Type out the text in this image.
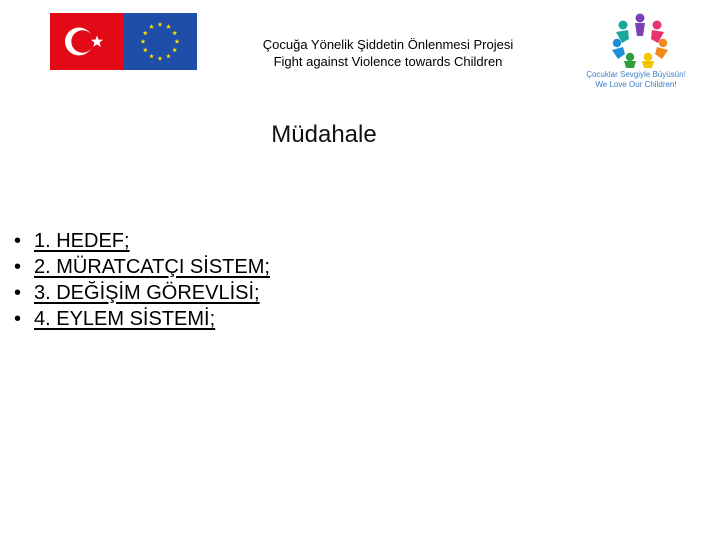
Çocuğa Yönelik Şiddetin Önlenmesi Projesi
Fight against Violence towards Children
Çocuklar Sevgiyle Büyüsün!
We Love Our Children!
Müdahale
• 1. HEDEF;
• 2. MÜRATCATÇI SİSTEM;
• 3. DEĞİŞİM GÖREVLİSİ;
• 4. EYLEM SİSTEMİ;
